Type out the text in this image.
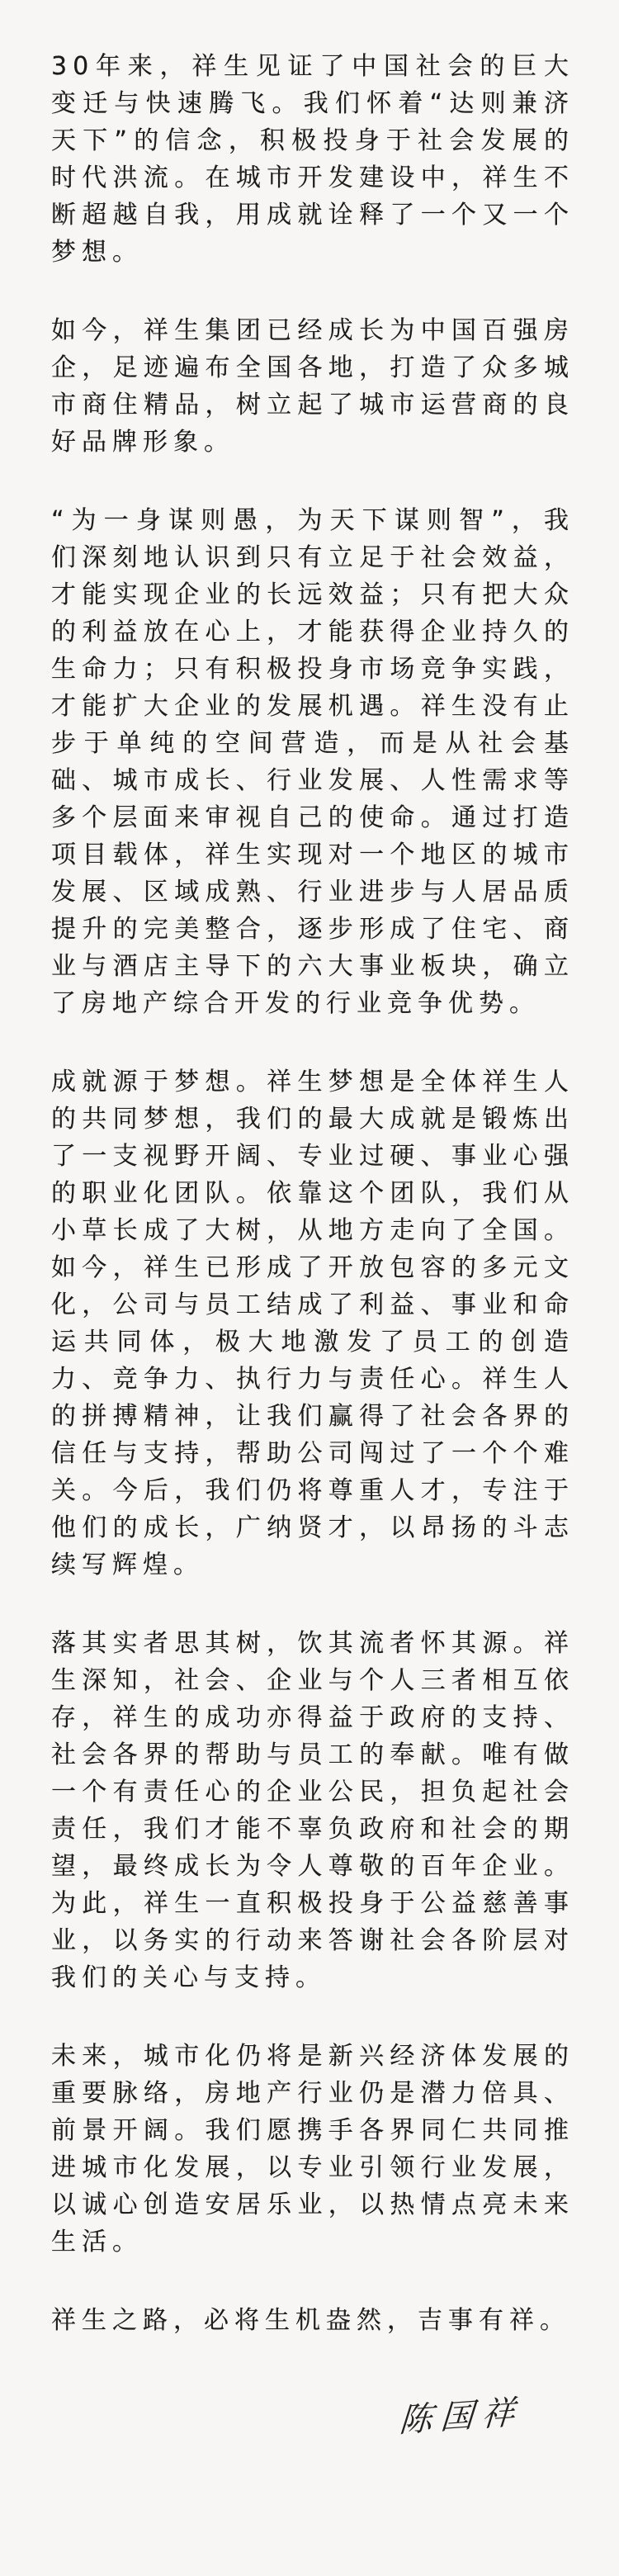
30年来，祥生见证了中国社会的巨大变迁与快速腾飞。我们怀着“达则兼济天下”的信念，积极投身于社会发展的时代洪流。在城市开发建设中，祥生不断超越自我，用成就诠释了一个又一个梦想。

如今，祥生集团已经成长为中国百强房企，足迹遍布全国各地，打造了众多城市商住精品，树立起了城市运营商的良好品牌形象。

“为一身谋则愚，为天下谋则智”，我们深刻地认识到只有立足于社会效益，才能实现企业的长远效益；只有把大众的利益放在心上，才能获得企业持久的生命力；只有积极投身市场竞争实践，才能扩大企业的发展机遇。祥生没有止步于单纯的空间营造，而是从社会基础、城市成长、行业发展、人性需求等多个层面来审视自己的使命。通过打造项目载体，祥生实现对一个地区的城市发展、区域成熟、行业进步与人居品质提升的完美整合，逐步形成了住宅、商业与酒店主导下的六大事业板块，确立了房地产综合开发的行业竞争优势。

成就源于梦想。祥生梦想是全体祥生人的共同梦想，我们的最大成就是锻炼出了一支视野开阔、专业过硬、事业心强的职业化团队。依靠这个团队，我们从小草长成了大树，从地方走向了全国。如今，祥生已形成了开放包容的多元文化，公司与员工结成了利益、事业和命运共同体，极大地激发了员工的创造力、竞争力、执行力与责任心。祥生人的拼搏精神，让我们赢得了社会各界的信任与支持，帮助公司闯过了一个个难关。今后，我们仍将尊重人才，专注于他们的成长，广纳贤才，以昂扬的斗志续写辉煌。

落其实者思其树，饮其流者怀其源。祥生深知，社会、企业与个人三者相互依存，祥生的成功亦得益于政府的支持、社会各界的帮助与员工的奉献。唯有做一个有责任心的企业公民，担负起社会责任，我们才能不辜负政府和社会的期望，最终成长为令人尊敬的百年企业。为此，祥生一直积极投身于公益慈善事业，以务实的行动来答谢社会各阶层对我们的关心与支持。

未来，城市化仍将是新兴经济体发展的重要脉络，房地产行业仍是潜力倍具、前景开阔。我们愿携手各界同仁共同推进城市化发展，以专业引领行业发展，以诚心创造安居乐业，以热情点亮未来生活。

祥生之路，必将生机盎然，吉事有祥。

陈国祥
